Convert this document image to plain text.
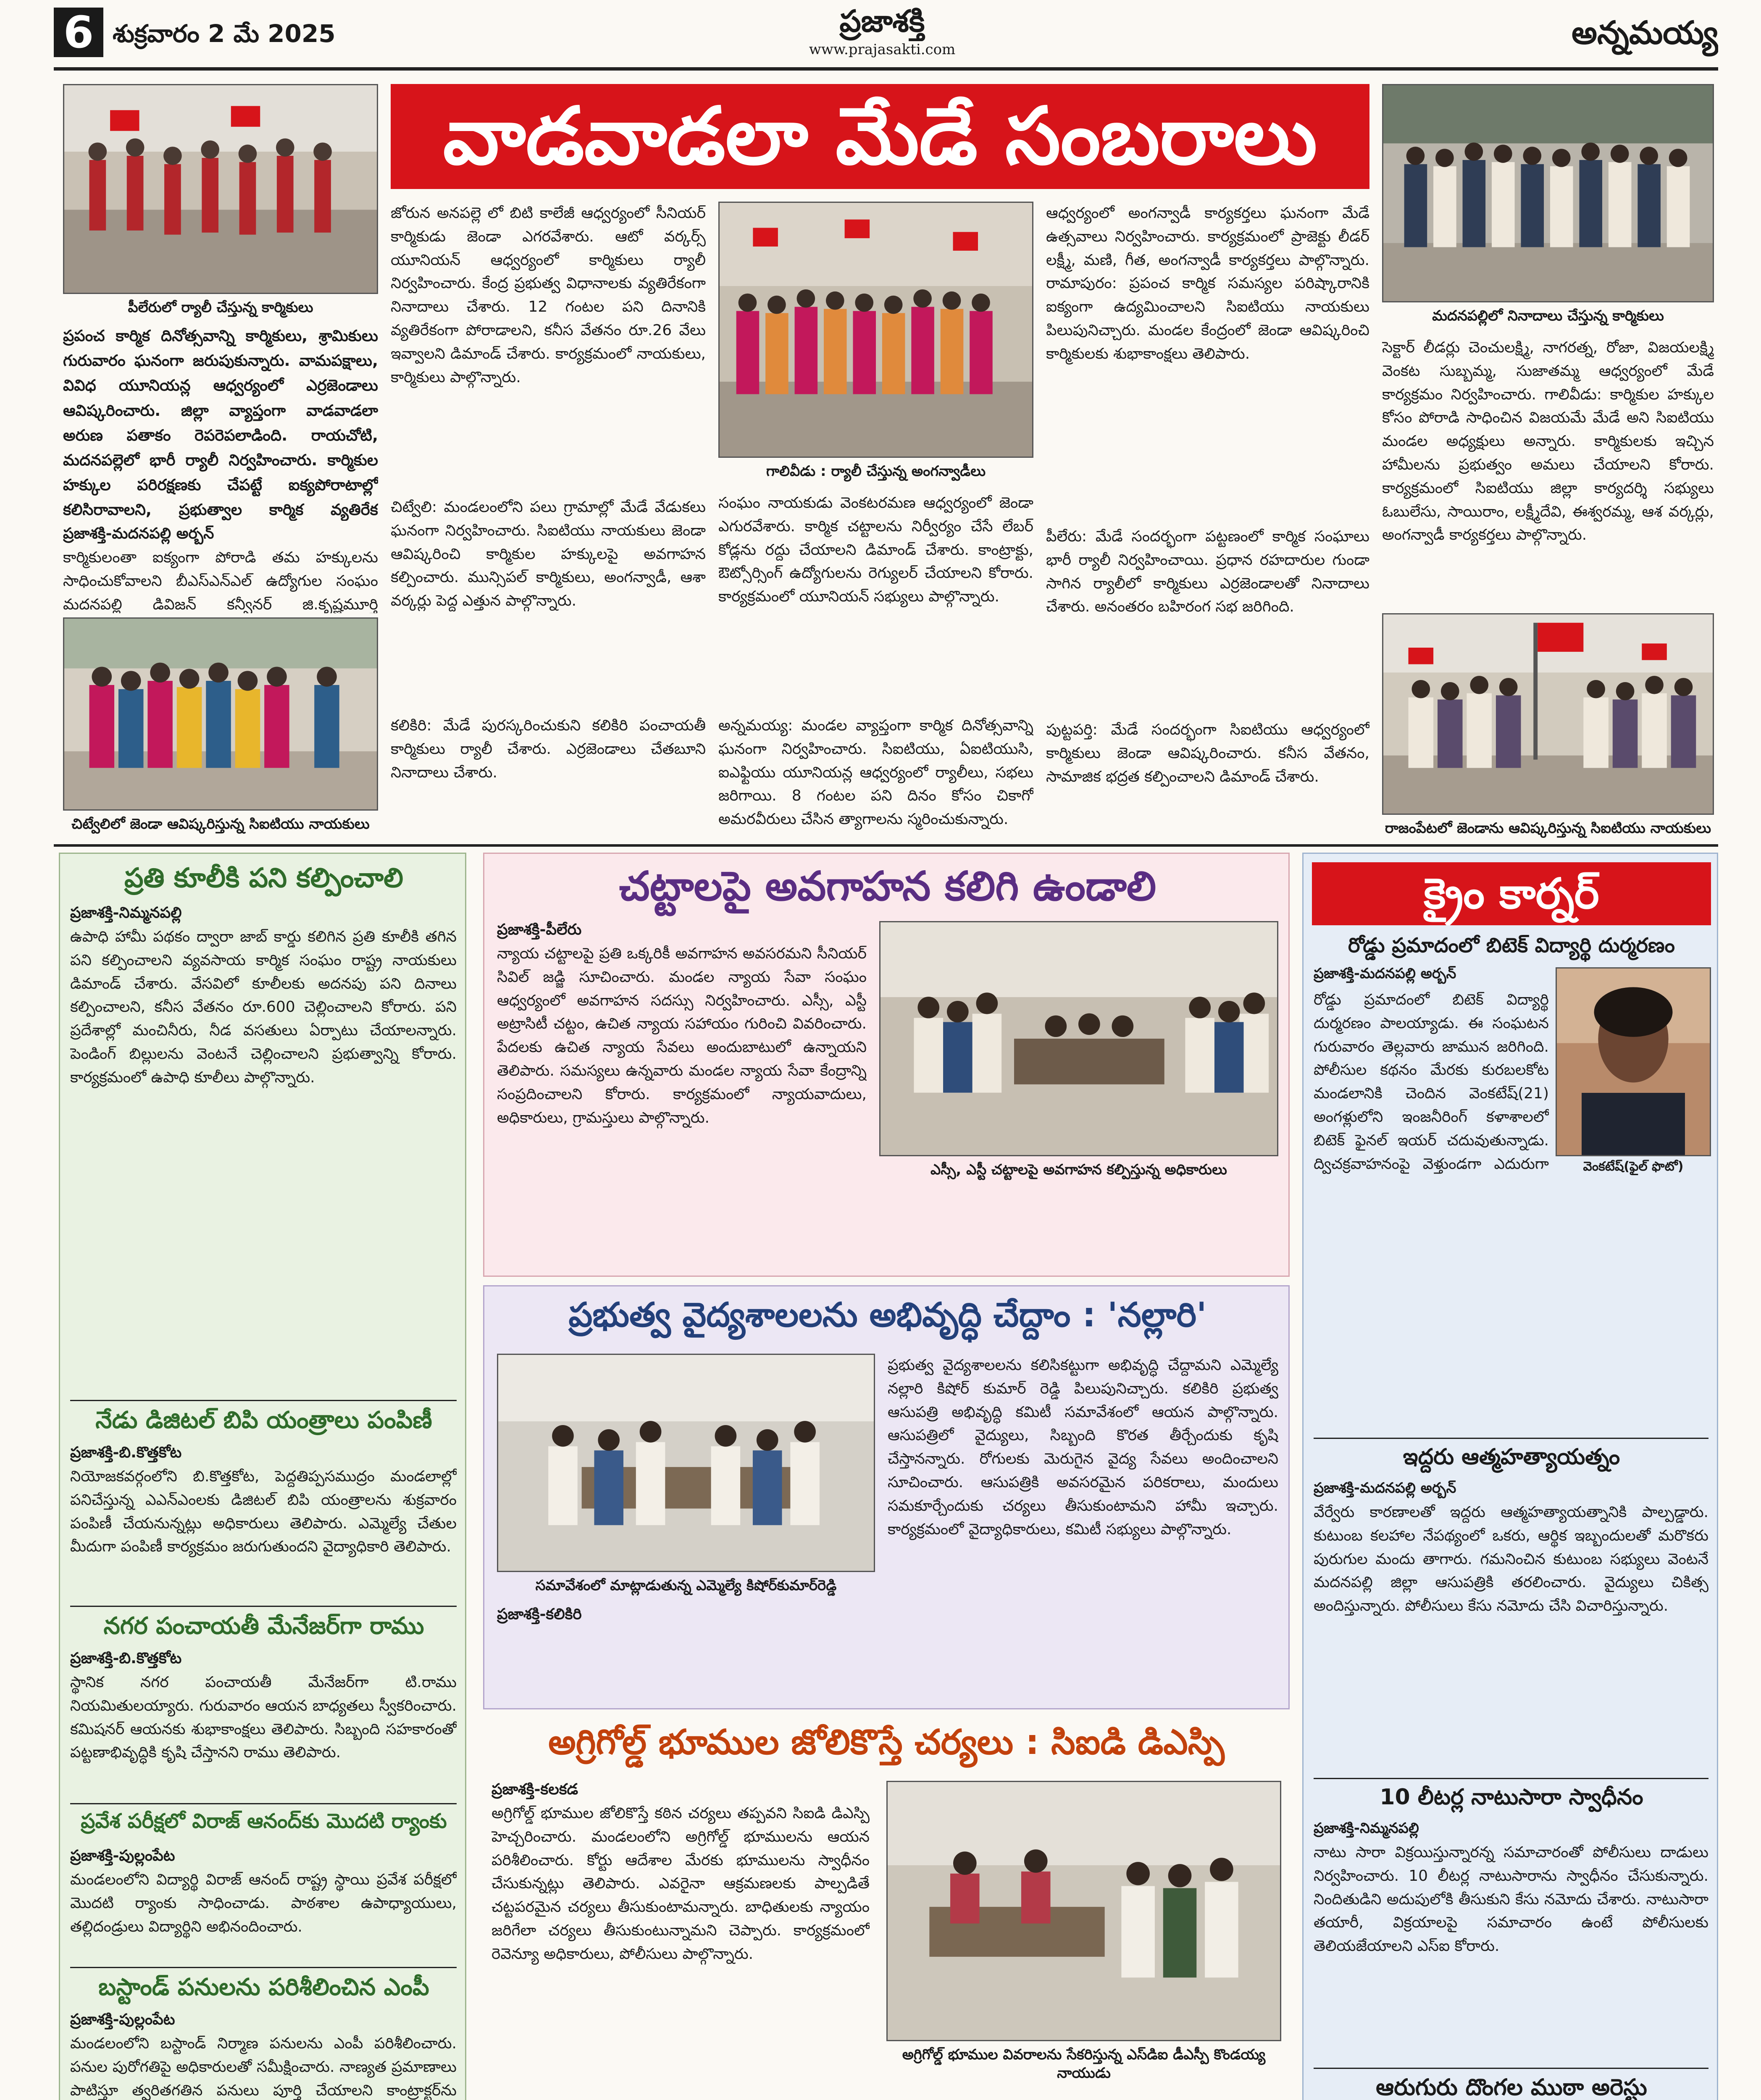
6 శుక్రవారం 2 మే 2025	ప్రజాశక్తి
www.prajasakti.com	అన్నమయ్య
పీలేరులో ర్యాలీ చేస్తున్న కార్మికులు
ప్రపంచ కార్మిక దినోత్సవాన్ని కార్మికులు, శ్రామికులు గురువారం ఘనంగా జరుపుకున్నారు. వామపక్షాలు, వివిధ యూనియన్ల ఆధ్వర్యంలో ఎర్రజెండాలు ఆవిష్కరించారు. జిల్లా వ్యాప్తంగా వాడవాడలా అరుణ పతాకం రెపరెపలాడింది. రాయచోటి, మదనపల్లెలో భారీ ర్యాలీ నిర్వహించారు. కార్మికుల హక్కుల పరిరక్షణకు చేపట్టే ఐక్యపోరాటాల్లో కలిసిరావాలని, ప్రభుత్వాల కార్మిక వ్యతిరేక
ప్రజాశక్తి-మదనపల్లి అర్బన్
కార్మికులంతా ఐక్యంగా పోరాడి తమ హక్కులను సాధించుకోవాలని బీఎస్ఎన్ఎల్ ఉద్యోగుల సంఘం మదనపల్లి డివిజన్ కన్వీనర్ జి.కృష్ణమూర్తి
చిట్వేలిలో జెండా ఆవిష్కరిస్తున్న సిఐటియు నాయకులు
వాడవాడలా మేడే సంబరాలు
జోరున అనపల్లె లో బిటి కాలేజీ ఆధ్వర్యంలో సీనియర్ కార్మికుడు జెండా ఎగరవేశారు. ఆటో వర్కర్స్ యూనియన్ ఆధ్వర్యంలో కార్మికులు ర్యాలీ నిర్వహించారు. కేంద్ర ప్రభుత్వ విధానాలకు వ్యతిరేకంగా నినాదాలు చేశారు. 12 గంటల పని దినానికి వ్యతిరేకంగా పోరాడాలని, కనీస వేతనం రూ.26 వేలు ఇవ్వాలని డిమాండ్ చేశారు. కార్యక్రమంలో నాయకులు, కార్మికులు పాల్గొన్నారు.
చిట్వేలి: మండలంలోని పలు గ్రామాల్లో మేడే వేడుకలు ఘనంగా నిర్వహించారు. సిఐటియు నాయకులు జెండా ఆవిష్కరించి కార్మికుల హక్కులపై అవగాహన కల్పించారు. మున్సిపల్ కార్మికులు, అంగన్వాడీ, ఆశా వర్కర్లు పెద్ద ఎత్తున పాల్గొన్నారు.
కలికిరి: మేడే పురస్కరించుకుని కలికిరి పంచాయతీ కార్మికులు ర్యాలీ చేశారు. ఎర్రజెండాలు చేతబూని నినాదాలు చేశారు.
గాలివీడు : ర్యాలీ చేస్తున్న అంగన్వాడీలు
సంఘం నాయకుడు వెంకటరమణ ఆధ్వర్యంలో జెండా ఎగురవేశారు. కార్మిక చట్టాలను నిర్వీర్యం చేసే లేబర్ కోడ్లను రద్దు చేయాలని డిమాండ్ చేశారు. కాంట్రాక్టు, ఔట్సోర్సింగ్ ఉద్యోగులను రెగ్యులర్ చేయాలని కోరారు. కార్యక్రమంలో యూనియన్ సభ్యులు పాల్గొన్నారు.
అన్నమయ్య: మండల వ్యాప్తంగా కార్మిక దినోత్సవాన్ని ఘనంగా నిర్వహించారు. సిఐటియు, ఏఐటియుసి, ఐఎఫ్టియు యూనియన్ల ఆధ్వర్యంలో ర్యాలీలు, సభలు జరిగాయి. 8 గంటల పని దినం కోసం చికాగో అమరవీరులు చేసిన త్యాగాలను స్మరించుకున్నారు.
ఆధ్వర్యంలో అంగన్వాడీ కార్యకర్తలు ఘనంగా మేడే ఉత్సవాలు నిర్వహించారు. కార్యక్రమంలో ప్రాజెక్టు లీడర్ లక్ష్మీ, మణి, గీత, అంగన్వాడీ కార్యకర్తలు పాల్గొన్నారు. రామాపురం: ప్రపంచ కార్మిక సమస్యల పరిష్కారానికి ఐక్యంగా ఉద్యమించాలని సిఐటియు నాయకులు పిలుపునిచ్చారు. మండల కేంద్రంలో జెండా ఆవిష్కరించి కార్మికులకు శుభాకాంక్షలు తెలిపారు.
పీలేరు: మేడే సందర్భంగా పట్టణంలో కార్మిక సంఘాలు భారీ ర్యాలీ నిర్వహించాయి. ప్రధాన రహదారుల గుండా సాగిన ర్యాలీలో కార్మికులు ఎర్రజెండాలతో నినాదాలు చేశారు. అనంతరం బహిరంగ సభ జరిగింది.
పుట్టపర్తి: మేడే సందర్భంగా సిఐటియు ఆధ్వర్యంలో కార్మికులు జెండా ఆవిష్కరించారు. కనీస వేతనం, సామాజిక భద్రత కల్పించాలని డిమాండ్ చేశారు.
మదనపల్లిలో నినాదాలు చేస్తున్న కార్మికులు
సెక్టార్ లీడర్లు చెంచులక్ష్మి, నాగరత్న, రోజా, విజయలక్ష్మి వెంకట సుబ్బమ్మ, సుజాతమ్మ ఆధ్వర్యంలో మేడే కార్యక్రమం నిర్వహించారు. గాలివీడు: కార్మికుల హక్కుల కోసం పోరాడి సాధించిన విజయమే మేడే అని సిఐటియు మండల అధ్యక్షులు అన్నారు. కార్మికులకు ఇచ్చిన హామీలను ప్రభుత్వం అమలు చేయాలని కోరారు. కార్యక్రమంలో సిఐటియు జిల్లా కార్యదర్శి సభ్యులు ఓబులేసు, సాయిరాం, లక్ష్మీదేవి, ఈశ్వరమ్మ, ఆశ వర్కర్లు, అంగన్వాడీ కార్యకర్తలు పాల్గొన్నారు.
రాజంపేటలో జెండాను ఆవిష్కరిస్తున్న సిఐటియు నాయకులు
ప్రతి కూలీకి పని కల్పించాలి
ప్రజాశక్తి-నిమ్మనపల్లి
ఉపాధి హామీ పథకం ద్వారా జాబ్ కార్డు కలిగిన ప్రతి కూలీకి తగిన పని కల్పించాలని వ్యవసాయ కార్మిక సంఘం రాష్ట్ర నాయకులు డిమాండ్ చేశారు. వేసవిలో కూలీలకు అదనపు పని దినాలు కల్పించాలని, కనీస వేతనం రూ.600 చెల్లించాలని కోరారు. పని ప్రదేశాల్లో మంచినీరు, నీడ వసతులు ఏర్పాటు చేయాలన్నారు. పెండింగ్ బిల్లులను వెంటనే చెల్లించాలని ప్రభుత్వాన్ని కోరారు. కార్యక్రమంలో ఉపాధి కూలీలు పాల్గొన్నారు.
నేడు డిజిటల్ బిపి యంత్రాలు పంపిణీ
ప్రజాశక్తి-బి.కొత్తకోట
నియోజకవర్గంలోని బి.కొత్తకోట, పెద్దతిప్పసముద్రం మండలాల్లో పనిచేస్తున్న ఎఎన్ఎంలకు డిజిటల్ బిపి యంత్రాలను శుక్రవారం పంపిణీ చేయనున్నట్లు అధికారులు తెలిపారు. ఎమ్మెల్యే చేతుల మీదుగా పంపిణీ కార్యక్రమం జరుగుతుందని వైద్యాధికారి తెలిపారు.
నగర పంచాయతీ మేనేజర్‌గా రాము
ప్రజాశక్తి-బి.కొత్తకోట
స్థానిక నగర పంచాయతీ మేనేజర్‌గా టి.రాము నియమితులయ్యారు. గురువారం ఆయన బాధ్యతలు స్వీకరించారు. కమిషనర్ ఆయనకు శుభాకాంక్షలు తెలిపారు. సిబ్బంది సహకారంతో పట్టణాభివృద్ధికి కృషి చేస్తానని రాము తెలిపారు.
ప్రవేశ పరీక్షలో విరాజ్ ఆనంద్‌కు మొదటి ర్యాంకు
ప్రజాశక్తి-పుల్లంపేట
మండలంలోని విద్యార్థి విరాజ్ ఆనంద్ రాష్ట్ర స్థాయి ప్రవేశ పరీక్షలో మొదటి ర్యాంకు సాధించాడు. పాఠశాల ఉపాధ్యాయులు, తల్లిదండ్రులు విద్యార్థిని అభినందించారు.
బస్టాండ్ పనులను పరిశీలించిన ఎంపీ
ప్రజాశక్తి-పుల్లంపేట
మండలంలోని బస్టాండ్ నిర్మాణ పనులను ఎంపీ పరిశీలించారు. పనుల పురోగతిపై అధికారులతో సమీక్షించారు. నాణ్యత ప్రమాణాలు పాటిస్తూ త్వరితగతిన పనులు పూర్తి చేయాలని కాంట్రాక్టర్‌ను
చట్టాలపై అవగాహన కలిగి ఉండాలి
ప్రజాశక్తి-పీలేరు
న్యాయ చట్టాలపై ప్రతి ఒక్కరికీ అవగాహన అవసరమని సీనియర్ సివిల్ జడ్జి సూచించారు. మండల న్యాయ సేవా సంఘం ఆధ్వర్యంలో అవగాహన సదస్సు నిర్వహించారు. ఎస్సీ, ఎస్టీ అట్రాసిటీ చట్టం, ఉచిత న్యాయ సహాయం గురించి వివరించారు. పేదలకు ఉచిత న్యాయ సేవలు అందుబాటులో ఉన్నాయని తెలిపారు. సమస్యలు ఉన్నవారు మండల న్యాయ సేవా కేంద్రాన్ని సంప్రదించాలని కోరారు. కార్యక్రమంలో న్యాయవాదులు, అధికారులు, గ్రామస్తులు పాల్గొన్నారు.
ఎస్సీ, ఎస్టీ చట్టాలపై అవగాహన కల్పిస్తున్న అధికారులు
ప్రభుత్వ వైద్యశాలలను అభివృద్ధి చేద్దాం : 'నల్లారి'
సమావేశంలో మాట్లాడుతున్న ఎమ్మెల్యే కిషోర్‌కుమార్‌రెడ్డి
ప్రజాశక్తి-కలికిరి
ప్రభుత్వ వైద్యశాలలను కలిసికట్టుగా అభివృద్ధి చేద్దామని ఎమ్మెల్యే నల్లారి కిషోర్ కుమార్ రెడ్డి పిలుపునిచ్చారు. కలికిరి ప్రభుత్వ ఆసుపత్రి అభివృద్ధి కమిటీ సమావేశంలో ఆయన పాల్గొన్నారు. ఆసుపత్రిలో వైద్యులు, సిబ్బంది కొరత తీర్చేందుకు కృషి చేస్తానన్నారు. రోగులకు మెరుగైన వైద్య సేవలు అందించాలని సూచించారు. ఆసుపత్రికి అవసరమైన పరికరాలు, మందులు సమకూర్చేందుకు చర్యలు తీసుకుంటామని హామీ ఇచ్చారు. కార్యక్రమంలో వైద్యాధికారులు, కమిటీ సభ్యులు పాల్గొన్నారు.
అగ్రిగోల్డ్ భూముల జోలికొస్తే చర్యలు : సిఐడి డిఎస్పి
ప్రజాశక్తి-కలకడ
అగ్రిగోల్డ్ భూముల జోలికొస్తే కఠిన చర్యలు తప్పవని సిఐడి డిఎస్పి హెచ్చరించారు. మండలంలోని అగ్రిగోల్డ్ భూములను ఆయన పరిశీలించారు. కోర్టు ఆదేశాల మేరకు భూములను స్వాధీనం చేసుకున్నట్లు తెలిపారు. ఎవరైనా ఆక్రమణలకు పాల్పడితే చట్టపరమైన చర్యలు తీసుకుంటామన్నారు. బాధితులకు న్యాయం జరిగేలా చర్యలు తీసుకుంటున్నామని చెప్పారు. కార్యక్రమంలో రెవెన్యూ అధికారులు, పోలీసులు పాల్గొన్నారు.
అగ్రిగోల్డ్ భూముల వివరాలను సేకరిస్తున్న ఎస్‌డిఐ డీఎస్పీ కొండయ్య నాయుడు
క్రైం కార్నర్
రోడ్డు ప్రమాదంలో బిటెక్ విద్యార్థి దుర్మరణం
ప్రజాశక్తి-మదనపల్లి అర్బన్
వెంకటేష్(ఫైల్ ఫొటో)
రోడ్డు ప్రమాదంలో బిటెక్ విద్యార్థి దుర్మరణం పాలయ్యాడు. ఈ సంఘటన గురువారం తెల్లవారు జామున జరిగింది. పోలీసుల కథనం మేరకు కురబలకోట మండలానికి చెందిన వెంకటేష్(21) అంగళ్లులోని ఇంజనీరింగ్ కళాశాలలో బిటెక్ ఫైనల్ ఇయర్ చదువుతున్నాడు. ద్విచక్రవాహనంపై వెళ్తుండగా ఎదురుగా
ఇద్దరు ఆత్మహత్యాయత్నం
ప్రజాశక్తి-మదనపల్లి అర్బన్
వేర్వేరు కారణాలతో ఇద్దరు ఆత్మహత్యాయత్నానికి పాల్పడ్డారు. కుటుంబ కలహాల నేపథ్యంలో ఒకరు, ఆర్థిక ఇబ్బందులతో మరొకరు పురుగుల మందు తాగారు. గమనించిన కుటుంబ సభ్యులు వెంటనే మదనపల్లి జిల్లా ఆసుపత్రికి తరలించారు. వైద్యులు చికిత్స అందిస్తున్నారు. పోలీసులు కేసు నమోదు చేసి విచారిస్తున్నారు.
10 లీటర్ల నాటుసారా స్వాధీనం
ప్రజాశక్తి-నిమ్మనపల్లి
నాటు సారా విక్రయిస్తున్నారన్న సమాచారంతో పోలీసులు దాడులు నిర్వహించారు. 10 లీటర్ల నాటుసారాను స్వాధీనం చేసుకున్నారు. నిందితుడిని అదుపులోకి తీసుకుని కేసు నమోదు చేశారు. నాటుసారా తయారీ, విక్రయాలపై సమాచారం ఉంటే పోలీసులకు తెలియజేయాలని ఎస్ఐ కోరారు.
ఆరుగురు దొంగల ముఠా అరెస్టు
